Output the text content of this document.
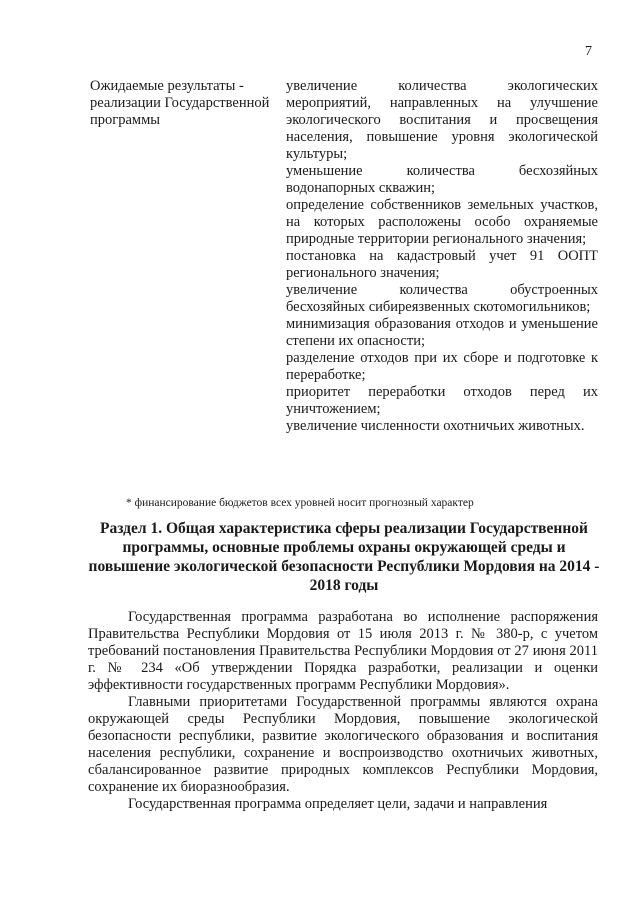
7
Ожидаемые результаты - реализации Государственной программы
увеличение количества экологических мероприятий, направленных на улучшение экологического воспитания и просвещения населения, повышение уровня экологической культуры;
уменьшение количества бесхозяйных водонапорных скважин;
определение собственников земельных участков, на которых расположены особо охраняемые природные территории регионального значения;
постановка на кадастровый учет 91 ООПТ регионального значения;
увеличение количества обустроенных бесхозяйных сибиреязвенных скотомогильников;
минимизация образования отходов и уменьшение степени их опасности;
разделение отходов при их сборе и подготовке к переработке;
приоритет переработки отходов перед их уничтожением;
увеличение численности охотничьих животных.
* финансирование бюджетов всех уровней носит прогнозный характер
Раздел 1. Общая характеристика сферы реализации Государственной программы, основные проблемы охраны окружающей среды и повышение экологической безопасности Республики Мордовия на 2014 - 2018 годы

Государственная программа разработана во исполнение распоряжения Правительства Республики Мордовия от 15 июля 2013 г. № 380-р, с учетом требований постановления Правительства Республики Мордовия от 27 июня 2011 г. № 234 «Об утверждении Порядка разработки, реализации и оценки эффективности государственных программ Республики Мордовия».

Главными приоритетами Государственной программы являются охрана окружающей среды Республики Мордовия, повышение экологической безопасности республики, развитие экологического образования и воспитания населения республики, сохранение и воспроизводство охотничьих животных, сбалансированное развитие природных комплексов Республики Мордовия, сохранение их биоразнообразия.

Государственная программа определяет цели, задачи и направления
